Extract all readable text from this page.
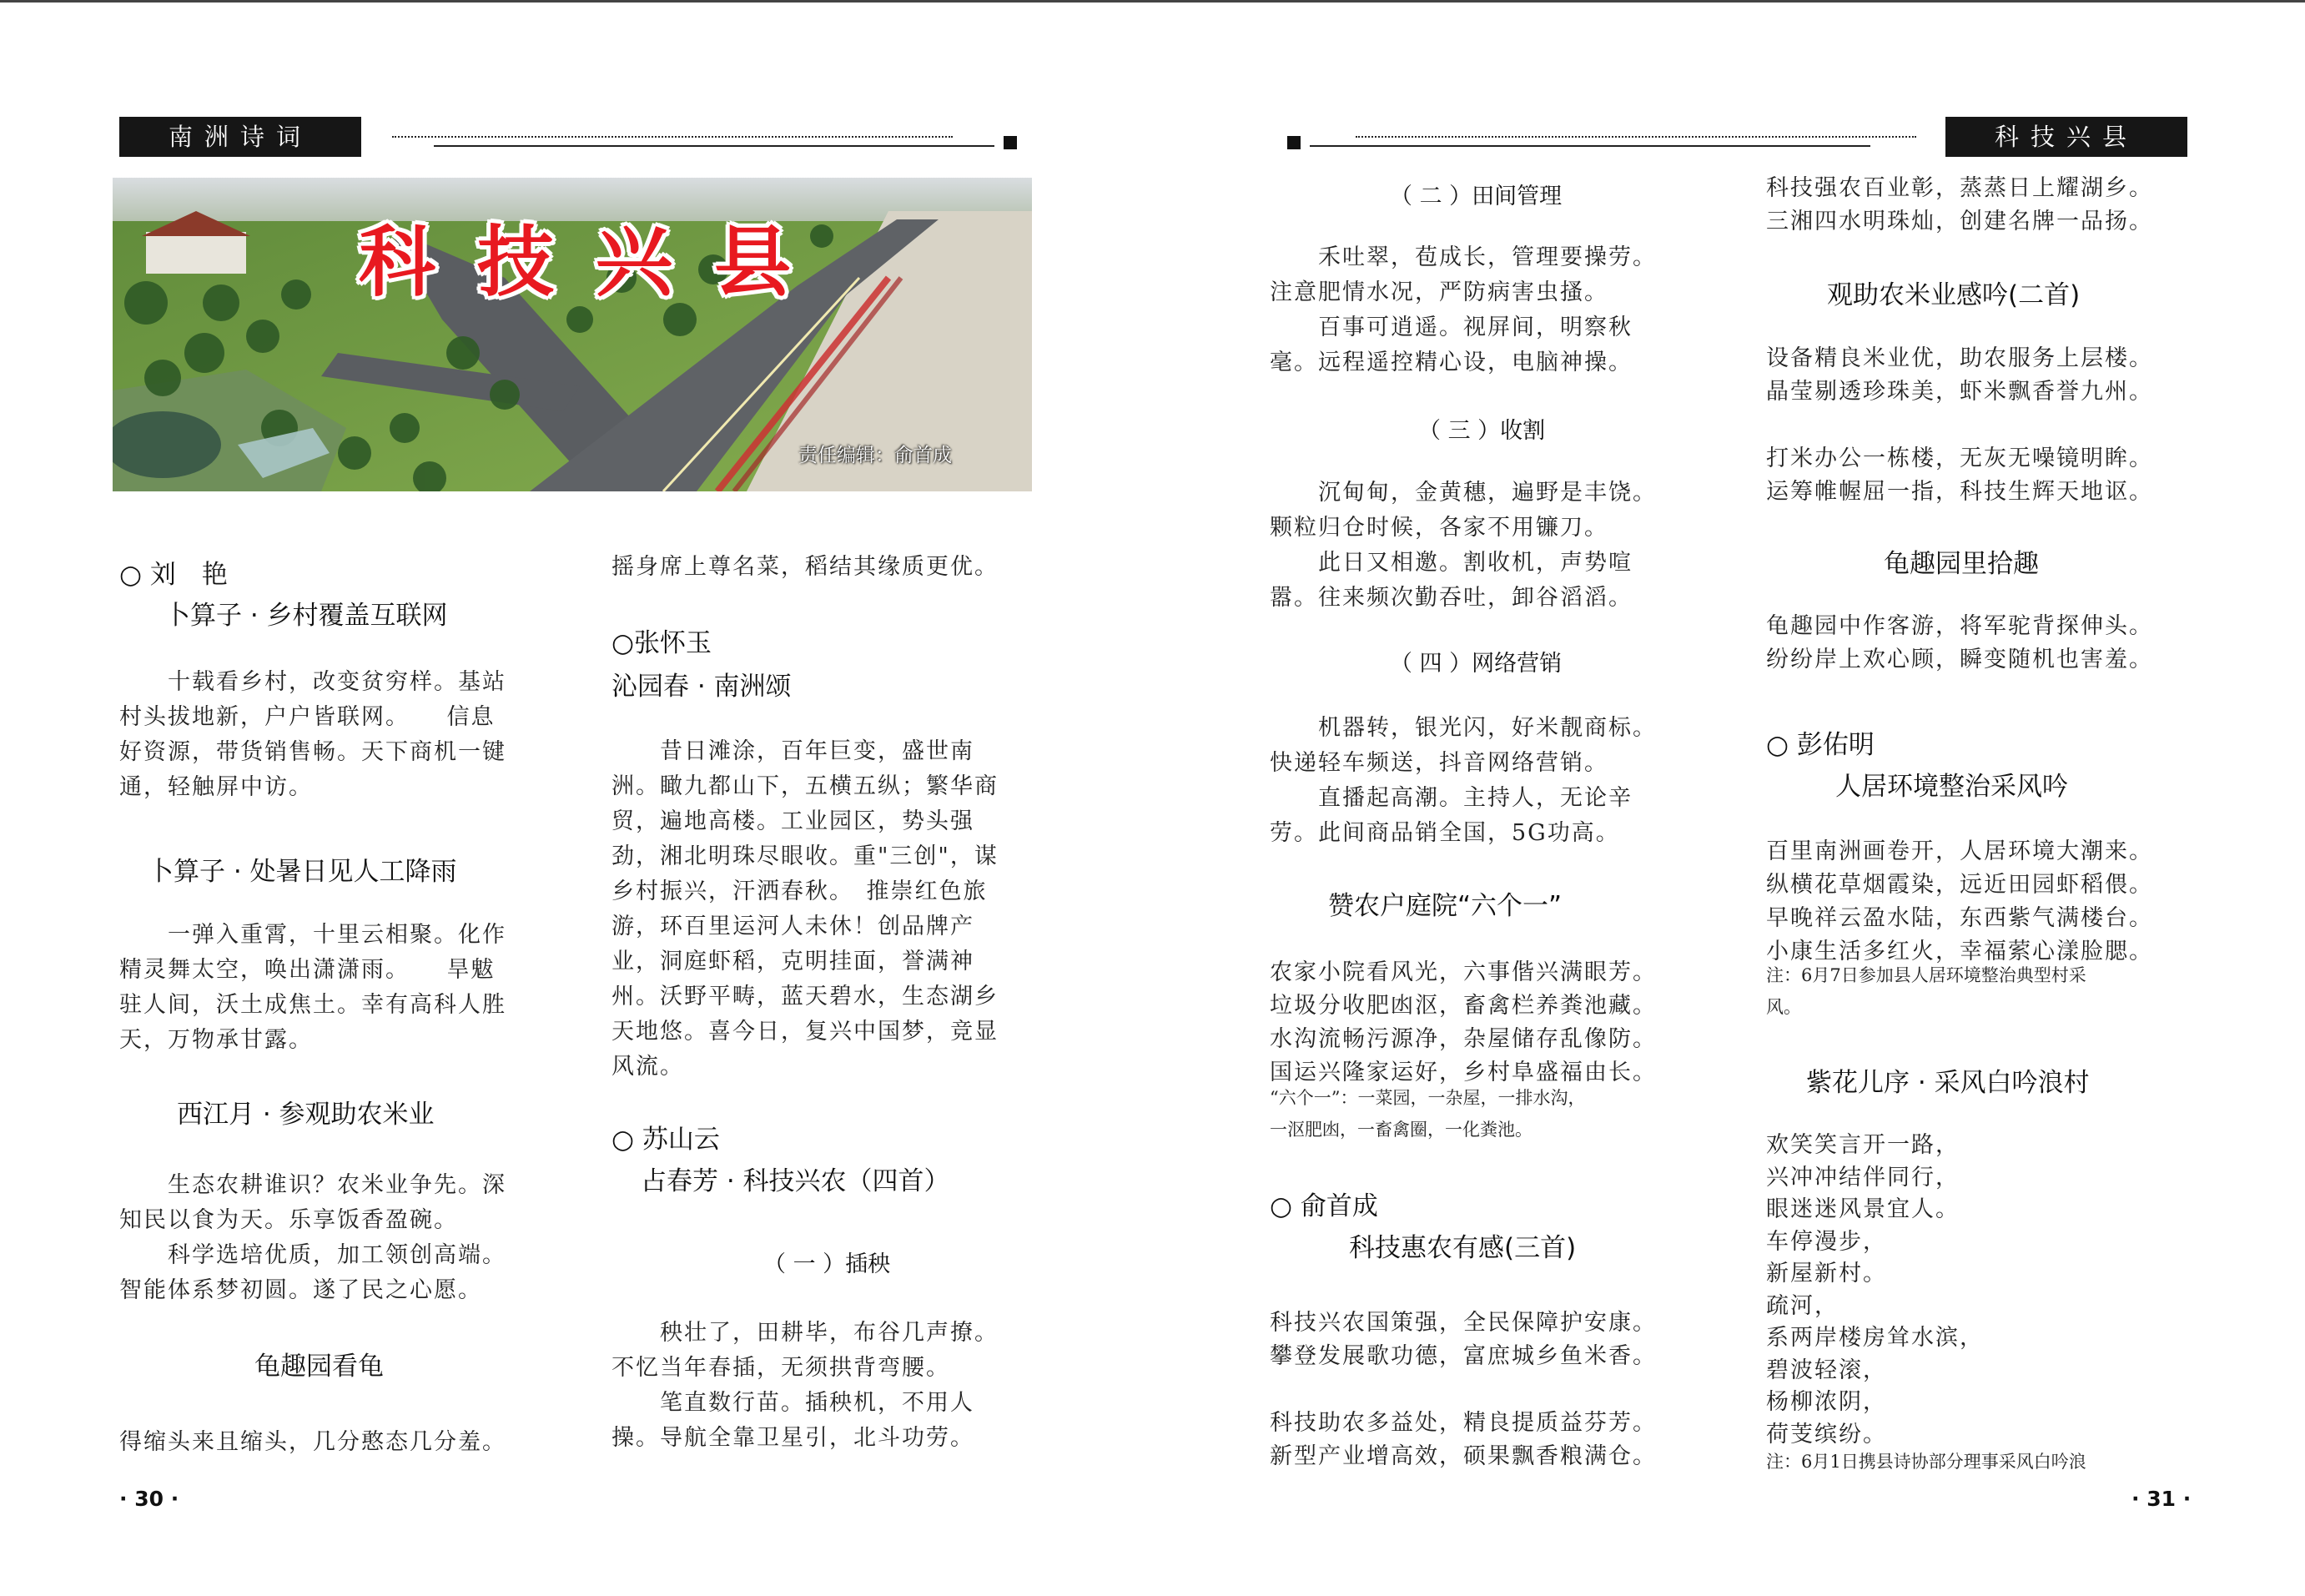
南洲诗词
科技兴县
责任编辑：俞首成
○ 刘　艳
卜算子 · 乡村覆盖互联网
　　十载看乡村，改变贫穷样。基站
村头拔地新，户户皆联网。　　信息
好资源，带货销售畅。天下商机一键
通，轻触屏中访。
卜算子 · 处暑日见人工降雨
　　一弹入重霄，十里云相聚。化作
精灵舞太空，唤出潇潇雨。　　旱魃
驻人间，沃土成焦土。幸有高科人胜
天，万物承甘露。
西江月 · 参观助农米业
　　生态农耕谁识？农米业争先。深
知民以食为天。乐享饭香盈碗。
　　科学选培优质，加工领创高端。
智能体系梦初圆。遂了民之心愿。
龟趣园看龟
得缩头来且缩头，几分憨态几分羞。
摇身席上尊名菜，稻结其缘质更优。
○张怀玉
沁园春 · 南洲颂
　　昔日滩涂，百年巨变，盛世南
洲。瞰九都山下，五横五纵；繁华商
贸，遍地高楼。工业园区，势头强
劲，湘北明珠尽眼收。重"三创"，谋
乡村振兴，汗洒春秋。　推崇红色旅
游，环百里运河人未休！创品牌产
业，洞庭虾稻，克明挂面，誉满神
州。沃野平畴，蓝天碧水，生态湖乡
天地悠。喜今日，复兴中国梦，竞显
风流。
○ 苏山云
占春芳 · 科技兴农（四首）
（ 一 ）插秧
　　秧壮了，田耕毕，布谷几声撩。
不忆当年春插，无须拱背弯腰。
　　笔直数行苗。插秧机，不用人
操。导航全靠卫星引，北斗功劳。
科技兴县
（ 二 ）田间管理
　　禾吐翠，苞成长，管理要操劳。
注意肥情水况，严防病害虫搔。
　　百事可逍遥。视屏间，明察秋
毫。远程遥控精心设，电脑神操。
（ 三 ）收割
　　沉甸甸，金黄穗，遍野是丰饶。
颗粒归仓时候，各家不用镰刀。
　　此日又相邀。割收机，声势喧
嚣。往来频次勤吞吐，卸谷滔滔。
（ 四 ）网络营销
　　机器转，银光闪，好米靓商标。
快递轻车频送，抖音网络营销。
　　直播起高潮。主持人，无论辛
劳。此间商品销全国，5G功高。
赞农户庭院“六个一”
农家小院看风光，六事偕兴满眼芳。
垃圾分收肥凼沤，畜禽栏养粪池藏。
水沟流畅污源净，杂屋储存乱像防。
国运兴隆家运好，乡村阜盛福由长。
“六个一”：一菜园，一杂屋，一排水沟，
一沤肥凼，一畜禽圈，一化粪池。
○ 俞首成
科技惠农有感(三首)
科技兴农国策强，全民保障护安康。
攀登发展歌功德，富庶城乡鱼米香。

科技助农多益处，精良提质益芬芳。
新型产业增高效，硕果飘香粮满仓。
科技强农百业彰，蒸蒸日上耀湖乡。
三湘四水明珠灿，创建名牌一品扬。
观助农米业感吟(二首)
设备精良米业优，助农服务上层楼。
晶莹剔透珍珠美，虾米飘香誉九州。

打米办公一栋楼，无灰无噪镜明眸。
运筹帷幄屈一指，科技生辉天地讴。
龟趣园里拾趣
龟趣园中作客游，将军驼背探伸头。
纷纷岸上欢心顾，瞬变随机也害羞。
○ 彭佑明
人居环境整治采风吟
百里南洲画卷开，人居环境大潮来。
纵横花草烟霞染，远近田园虾稻偎。
早晚祥云盈水陆，东西紫气满楼台。
小康生活多红火，幸福萦心漾脸腮。
注：6月7日参加县人居环境整治典型村采
风。
紫花儿序 · 采风白吟浪村
欢笑笑言开一路，
兴冲冲结伴同行，
眼迷迷风景宜人。
车停漫步，
新屋新村。
疏河，
系两岸楼房耸水滨，
碧波轻滚，
杨柳浓阴，
荷芰缤纷。
注：6月1日携县诗协部分理事采风白吟浪
· 30 ·	· 31 ·
